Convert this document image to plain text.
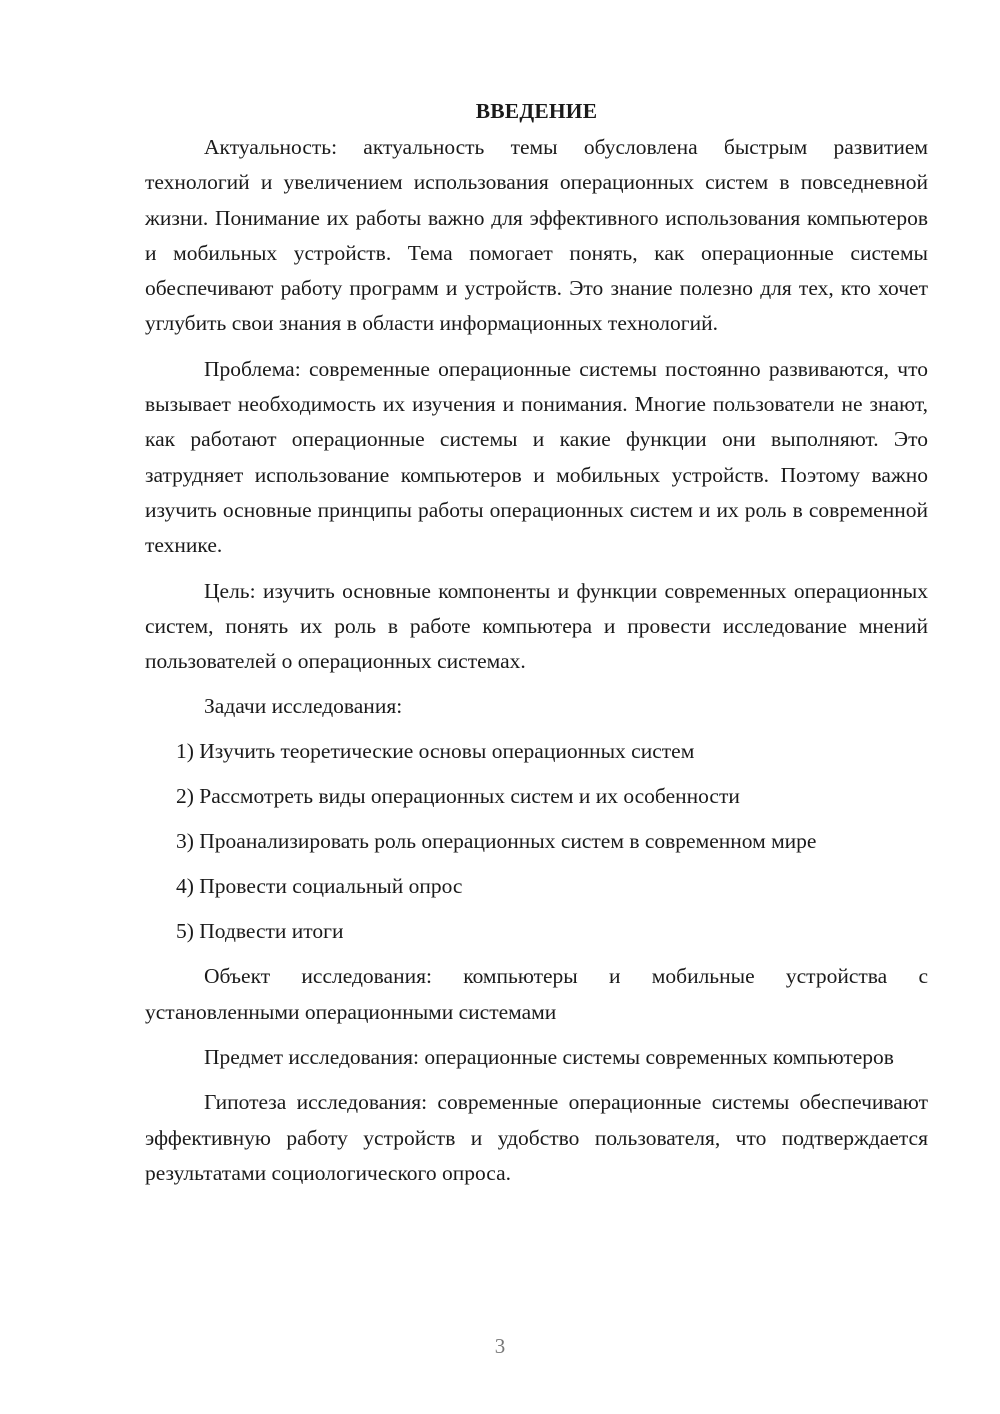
ВВЕДЕНИЕ

Актуальность: актуальность темы обусловлена быстрым развитием технологий и увеличением использования операционных систем в повседневной жизни. Понимание их работы важно для эффективного использования компьютеров и мобильных устройств. Тема помогает понять, как операционные системы обеспечивают работу программ и устройств. Это знание полезно для тех, кто хочет углубить свои знания в области информационных технологий.

Проблема: современные операционные системы постоянно развиваются, что вызывает необходимость их изучения и понимания. Многие пользователи не знают, как работают операционные системы и какие функции они выполняют. Это затрудняет использование компьютеров и мобильных устройств. Поэтому важно изучить основные принципы работы операционных систем и их роль в современной технике.

Цель: изучить основные компоненты и функции современных операционных систем, понять их роль в работе компьютера и провести исследование мнений пользователей о операционных системах.

Задачи исследования:

1) Изучить теоретические основы операционных систем

2) Рассмотреть виды операционных систем и их особенности

3) Проанализировать роль операционных систем в современном мире

4) Провести социальный опрос

5) Подвести итоги

Объект исследования: компьютеры и мобильные устройства с установленными операционными системами

Предмет исследования: операционные системы современных компьютеров

Гипотеза исследования: современные операционные системы обеспечивают эффективную работу устройств и удобство пользователя, что подтверждается результатами социологического опроса.

3
